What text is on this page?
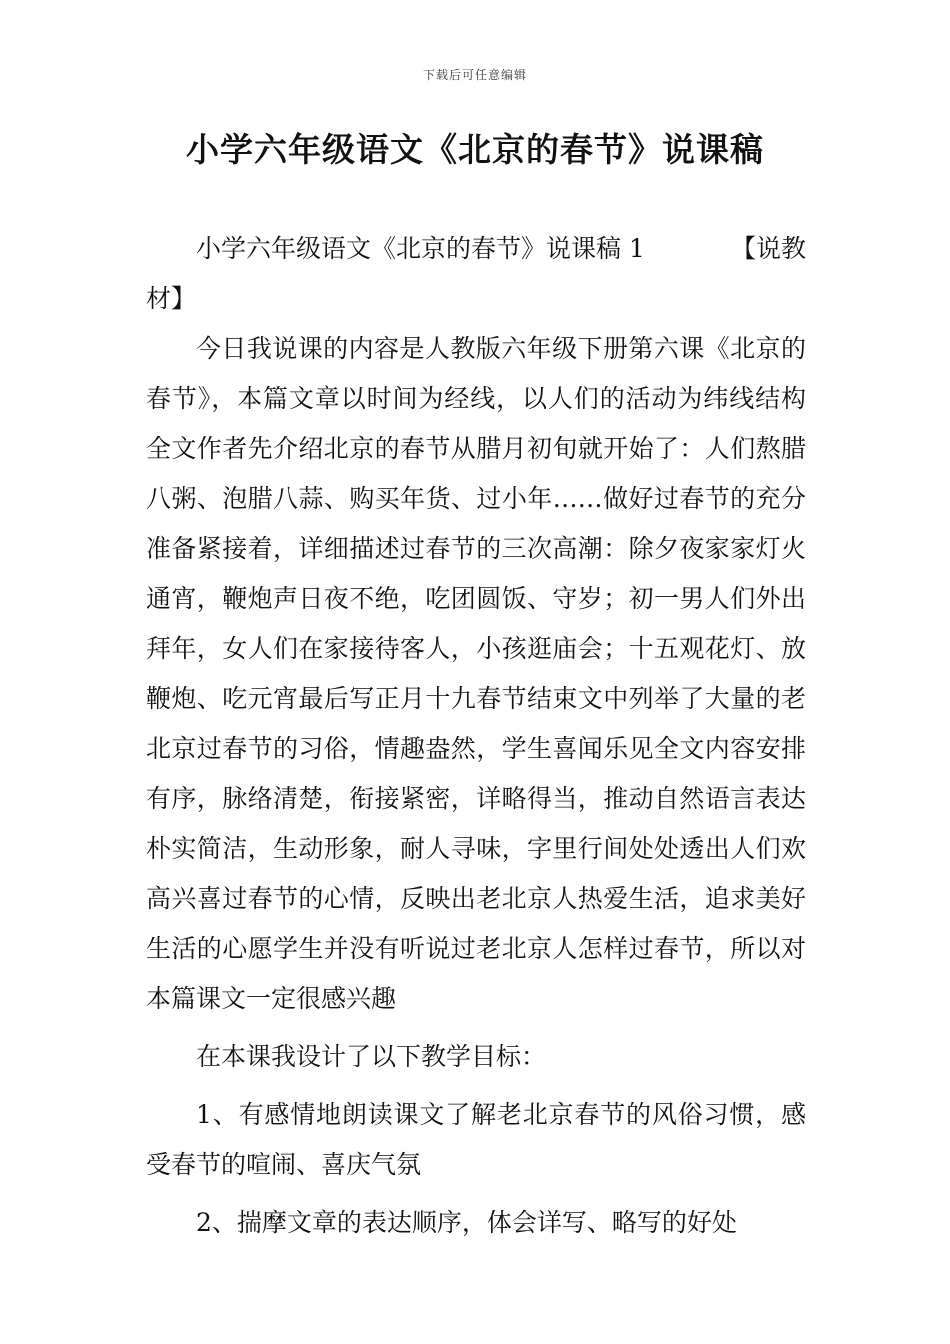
下载后可任意编辑
小学六年级语文《北京的春节》说课稿
小学六年级语文《北京的春节》说课稿 1	【说教
材】

今日我说课的内容是人教版六年级下册第六课《北京的春节》，本篇文章以时间为经线，以人们的活动为纬线结构全文作者先介绍北京的春节从腊月初旬就开始了：人们熬腊八粥、泡腊八蒜、购买年货、过小年……做好过春节的充分准备紧接着，详细描述过春节的三次高潮：除夕夜家家灯火通宵，鞭炮声日夜不绝，吃团圆饭、守岁；初一男人们外出拜年，女人们在家接待客人，小孩逛庙会；十五观花灯、放鞭炮、吃元宵最后写正月十九春节结束文中列举了大量的老北京过春节的习俗，情趣盎然，学生喜闻乐见全文内容安排有序，脉络清楚，衔接紧密，详略得当，推动自然语言表达朴实简洁，生动形象，耐人寻味，字里行间处处透出人们欢高兴喜过春节的心情，反映出老北京人热爱生活，追求美好生活的心愿学生并没有听说过老北京人怎样过春节，所以对本篇课文一定很感兴趣

在本课我设计了以下教学目标：

1、有感情地朗读课文了解老北京春节的风俗习惯，感受春节的喧闹、喜庆气氛

2、揣摩文章的表达顺序，体会详写、略写的好处
